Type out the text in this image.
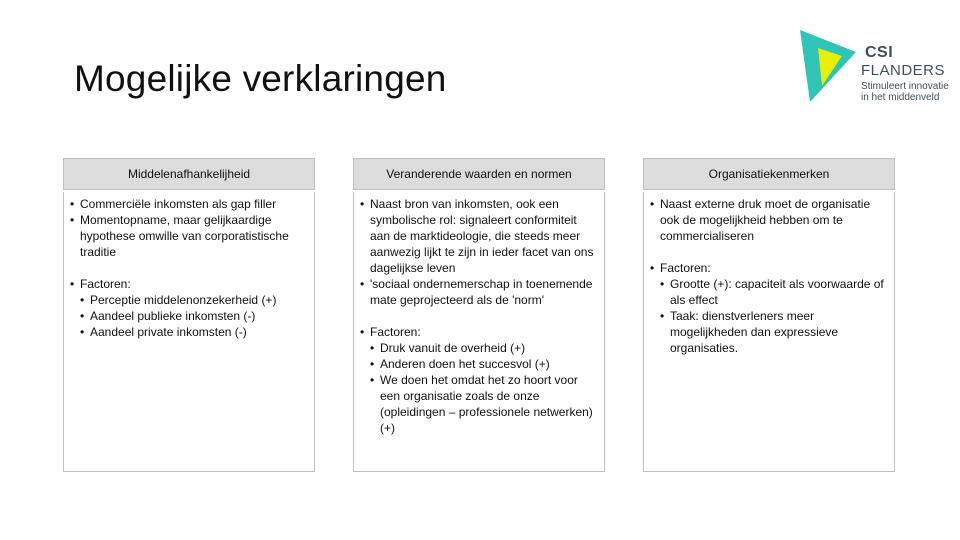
Mogelijke verklaringen
CSI
FLANDERS
Stimuleert innovatie
in het middenveld
Middelenafhankelijheid
• Commerciële inkomsten als gap filler
• Momentopname, maar gelijkaardige hypothese omwille van corporatistische traditie
• Factoren:
• Perceptie middelenonzekerheid (+)
• Aandeel publieke inkomsten (-)
• Aandeel private inkomsten (-)
Veranderende waarden en normen
• Naast bron van inkomsten, ook een symbolische rol: signaleert conformiteit aan de marktideologie, die steeds meer aanwezig lijkt te zijn in ieder facet van ons dagelijkse leven
• 'sociaal ondernemerschap in toenemende mate geprojecteerd als de 'norm'
• Factoren:
• Druk vanuit de overheid (+)
• Anderen doen het succesvol (+)
• We doen het omdat het zo hoort voor een organisatie zoals de onze (opleidingen – professionele netwerken) (+)
Organisatiekenmerken
• Naast externe druk moet de organisatie ook de mogelijkheid hebben om te commercialiseren
• Factoren:
• Grootte (+): capaciteit als voorwaarde of als effect
• Taak: dienstverleners meer mogelijkheden dan expressieve organisaties.
